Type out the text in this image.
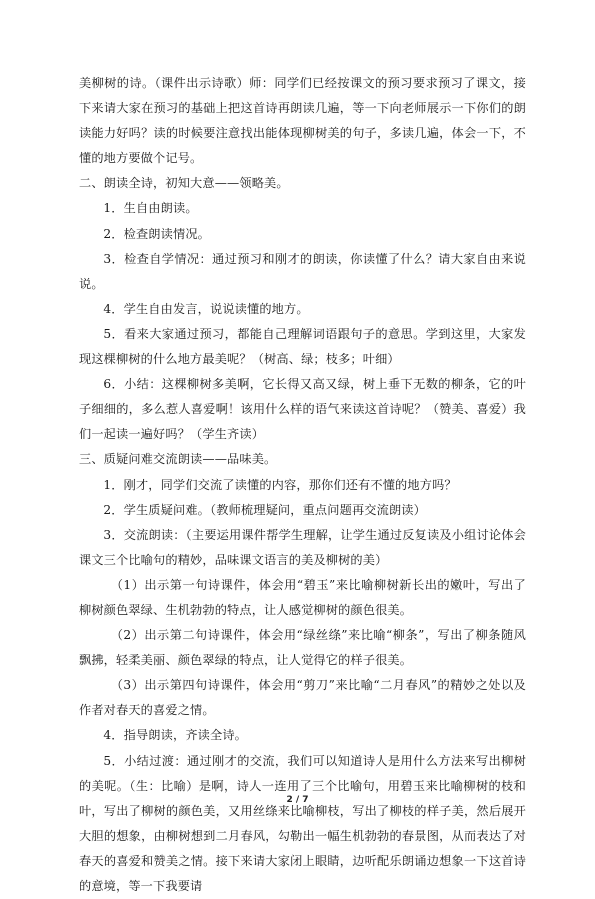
美柳树的诗。（课件出示诗歌）师：同学们已经按课文的预习要求预习了课文，接下来请大家在预习的基础上把这首诗再朗读几遍，等一下向老师展示一下你们的朗读能力好吗？读的时候要注意找出能体现柳树美的句子，多读几遍，体会一下，不懂的地方要做个记号。

二、朗读全诗，初知大意——领略美。

1．生自由朗读。

2．检查朗读情况。

3．检查自学情况：通过预习和刚才的朗读，你读懂了什么？请大家自由来说说。

4．学生自由发言，说说读懂的地方。

5．看来大家通过预习，都能自己理解词语跟句子的意思。学到这里，大家发现这棵柳树的什么地方最美呢？（树高、绿；枝多；叶细）

6．小结：这棵柳树多美啊，它长得又高又绿，树上垂下无数的柳条，它的叶子细细的，多么惹人喜爱啊！该用什么样的语气来读这首诗呢？（赞美、喜爱）我们一起读一遍好吗？（学生齐读）

三、质疑问难交流朗读——品味美。

1．刚才，同学们交流了读懂的内容，那你们还有不懂的地方吗？

2．学生质疑问难。（教师梳理疑问，重点问题再交流朗读）

3．交流朗读：（主要运用课件帮学生理解，让学生通过反复读及小组讨论体会课文三个比喻句的精妙，品味课文语言的美及柳树的美）

（1）出示第一句诗课件，体会用“碧玉”来比喻柳树新长出的嫩叶，写出了柳树颜色翠绿、生机勃勃的特点，让人感觉柳树的颜色很美。

（2）出示第二句诗课件，体会用“绿丝绦”来比喻“柳条”，写出了柳条随风飘拂，轻柔美丽、颜色翠绿的特点，让人觉得它的样子很美。

（3）出示第四句诗课件，体会用“剪刀”来比喻“二月春风”的精妙之处以及作者对春天的喜爱之情。

4．指导朗读，齐读全诗。

5．小结过渡：通过刚才的交流，我们可以知道诗人是用什么方法来写出柳树的美呢。（生：比喻）是啊，诗人一连用了三个比喻句，用碧玉来比喻柳树的枝和叶，写出了柳树的颜色美，又用丝绦来比喻柳枝，写出了柳枝的样子美，然后展开大胆的想象，由柳树想到二月春风，勾勒出一幅生机勃勃的春景图，从而表达了对春天的喜爱和赞美之情。接下来请大家闭上眼睛，边听配乐朗诵边想象一下这首诗的意境，等一下我要请

2 / 7
